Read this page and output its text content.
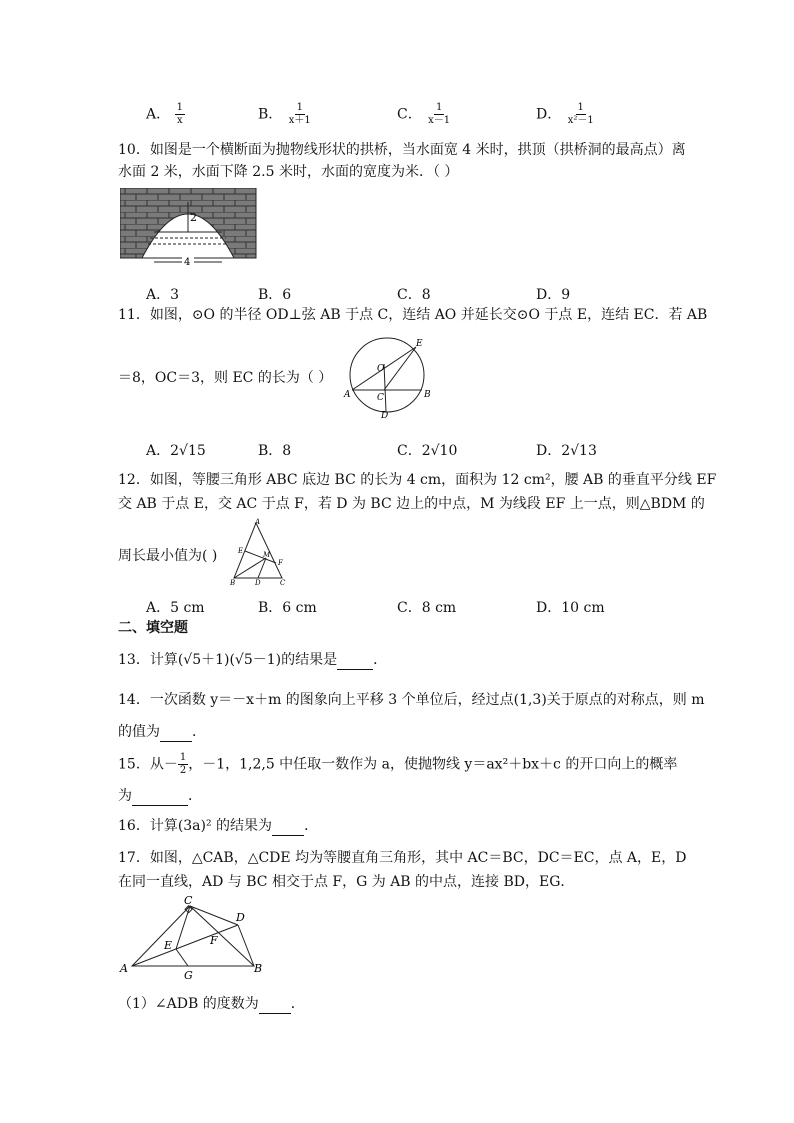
A． $\frac{1}{x}$	B． $\frac{1}{x+1}$	C． $\frac{1}{x-1}$	D． $\frac{1}{\text{x²－1}}$
10．如图是一个横断面为抛物线形状的拱桥，当水面宽 4 米时，拱顶（拱桥洞的最高点）离
水面 2 米，水面下降 2.5 米时，水面的宽度为米．（ ）
2
4
A．3	B．6	C．8	D．9
11．如图，⊙O 的半径 OD⊥弦 AB 于点 C，连结 AO 并延长交⊙O 于点 E，连结 EC．若 AB
＝8，OC＝3，则 EC 的长为（ ）
E
O
C
A	B
D
A．2√15	B．8	C．2√10	D．2√13
12．如图，等腰三角形 ABC 底边 BC 的长为 4 cm，面积为 12 cm²，腰 AB 的垂直平分线 EF
交 AB 于点 E，交 AC 于点 F，若 D 为 BC 边上的中点，M 为线段 EF 上一点，则△BDM 的
周长最小值为( )
A
E	M
F
B	D	C
A．5 cm	B．6 cm	C．8 cm	D．10 cm
二、填空题
13．计算(√5＋1)(√5－1)的结果是	．
14．一次函数 y＝－x＋m 的图象向上平移 3 个单位后，经过点(1,3)关于原点的对称点，则 m
的值为 ．
15．从－ $\frac{1}{2}$ ，－1，1,2,5 中任取一数作为 a，使抛物线 y＝ax²＋bx＋c 的开口向上的概率
为	．
16．计算(3a)² 的结果为 ．
17．如图，△CAB，△CDE 均为等腰直角三角形，其中 AC＝BC，DC＝EC，点 A，E，D
在同一直线，AD 与 BC 相交于点 F，G 为 AB 的中点，连接 BD，EG．
C
D
E	F
A
G
B
（1）∠ADB 的度数为 ．
